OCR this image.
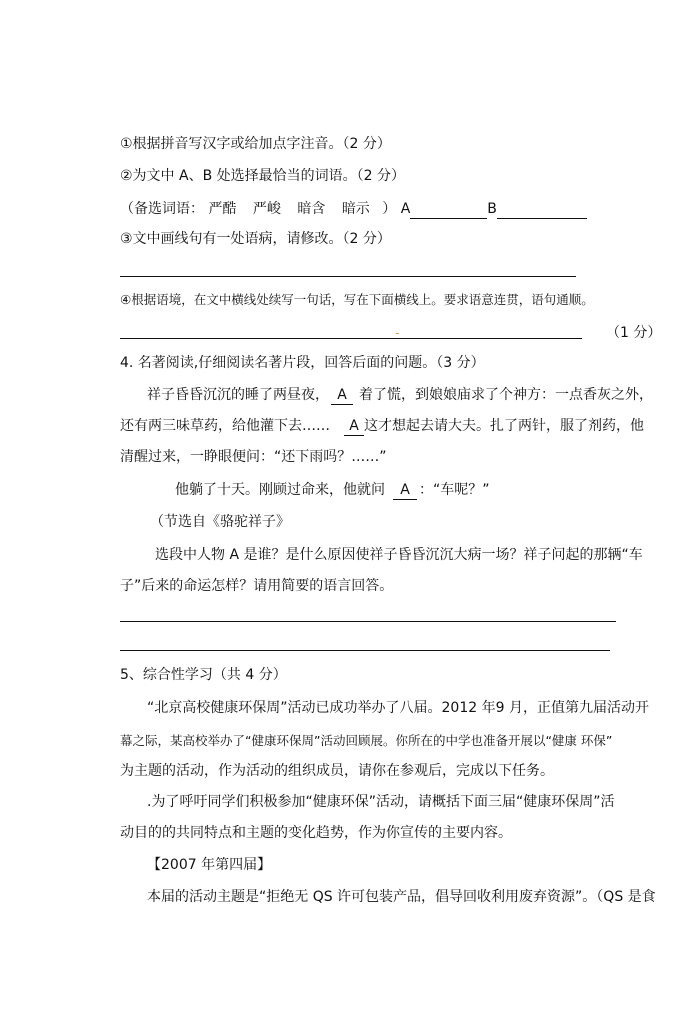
①根据拼音写汉字或给加点字注音。（2 分）
②为文中 A、B 处选择最恰当的词语。（2 分）
（备选词语： 严酷 严峻 暗含 暗示 ） A	B
③文中画线句有一处语病，请修改。（2 分）
④根据语境，在文中横线处续写一句话，写在下面横线上。要求语意连贯，语句通顺。
（1 分）
4. 名著阅读,仔细阅读名著片段，回答后面的问题。（3 分）
祥子昏昏沉沉的睡了两昼夜， A 着了慌，到娘娘庙求了个神方：一点香灰之外，
还有两三味草药，给他灌下去…… A 这才想起去请大夫。扎了两针，服了剂药，他
清醒过来，一睁眼便问：“还下雨吗？……”
他躺了十天。刚顾过命来，他就问 A ：“车呢？”
（节选自《骆驼祥子》
选段中人物 A 是谁？是什么原因使祥子昏昏沉沉大病一场？祥子问起的那辆“车
子”后来的命运怎样？请用简要的语言回答。
5、综合性学习（共 4 分）
“北京高校健康环保周”活动已成功举办了八届。2012 年9 月，正值第九届活动开
幕之际，某高校举办了“健康环保周”活动回顾展。你所在的中学也准备开展以“健康 环保”
为主题的活动，作为活动的组织成员，请你在参观后，完成以下任务。
.为了呼吁同学们积极参加“健康环保”活动，请概括下面三届“健康环保周”活
动目的的共同特点和主题的变化趋势，作为你宣传的主要内容。
【2007 年第四届】
本届的活动主题是“拒绝无 QS 许可包装产品，倡导回收利用废弃资源”。（QS 是食
